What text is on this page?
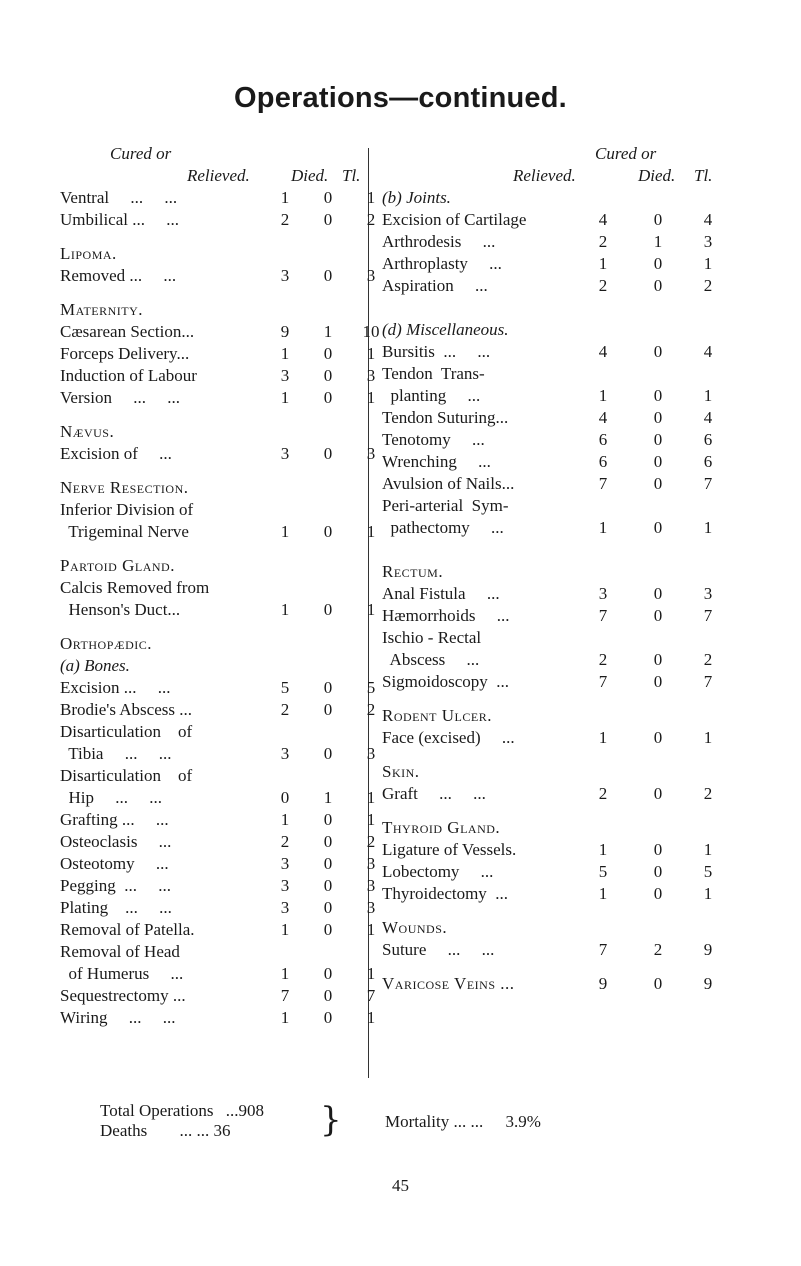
Operations—continued.
Cured or
Relieved. Died. Tl.
Ventral     ...     ...	1	0	1
Umbilical ...     ...	2	0	2
Lipoma.
Removed ...     ...	3	0	3
Maternity.
Cæsarean Section...	9	1	10
Forceps Delivery...	1	0	1
Induction of Labour	3	0	3
Version     ...     ...	1	0	1
Nævus.
Excision of     ...	3	0	3
Nerve Resection.
Inferior Division of
Trigeminal Nerve	1	0	1
Partoid Gland.
Calcis Removed from
Henson's Duct...	1	0	1
Orthopædic.
(a) Bones.
Excision ...     ...	5	0	5
Brodie's Abscess ...	2	0	2
Disarticulation    of
Tibia     ...     ...	3	0	3
Disarticulation    of
Hip     ...     ...	0	1	1
Grafting ...     ...	1	0	1
Osteoclasis     ...	2	0	2
Osteotomy     ...	3	0	3
Pegging  ...     ...	3	0	3
Plating    ...     ...	3	0	3
Removal of Patella.	1	0	1
Removal of Head
of Humerus     ...	1	0	1
Sequestrectomy ...	7	0	7
Wiring     ...     ...	1	0	1
Cured or
Relieved.	Died. Tl.
(b) Joints.
Excision of Cartilage	4	0	4
Arthrodesis     ...	2	1	3
Arthroplasty     ...	1	0	1
Aspiration     ...	2	0	2
(d) Miscellaneous.
Bursitis  ...     ...	4	0	4
Tendon  Trans-
planting     ...	1	0	1
Tendon Suturing...	4	0	4
Tenotomy     ...	6	0	6
Wrenching     ...	6	0	6
Avulsion of Nails...	7	0	7
Peri-arterial  Sym-
pathectomy     ...	1	0	1
Rectum.
Anal Fistula     ...	3	0	3
Hæmorrhoids     ...	7	0	7
Ischio - Rectal
Abscess     ...	2	0	2
Sigmoidoscopy  ...	7	0	7
Rodent Ulcer.
Face (excised)     ...	1	0	1
Skin.
Graft     ...     ...	2	0	2
Thyroid Gland.
Ligature of Vessels.	1	0	1
Lobectomy     ...	5	0	5
Thyroidectomy  ...	1	0	1
Wounds.
Suture     ...     ...	7	2	9
Varicose Veins ...	9	0	9
Total Operations ...908
Deaths ... ... 36	}	Mortality ... ... 3.9%
45
